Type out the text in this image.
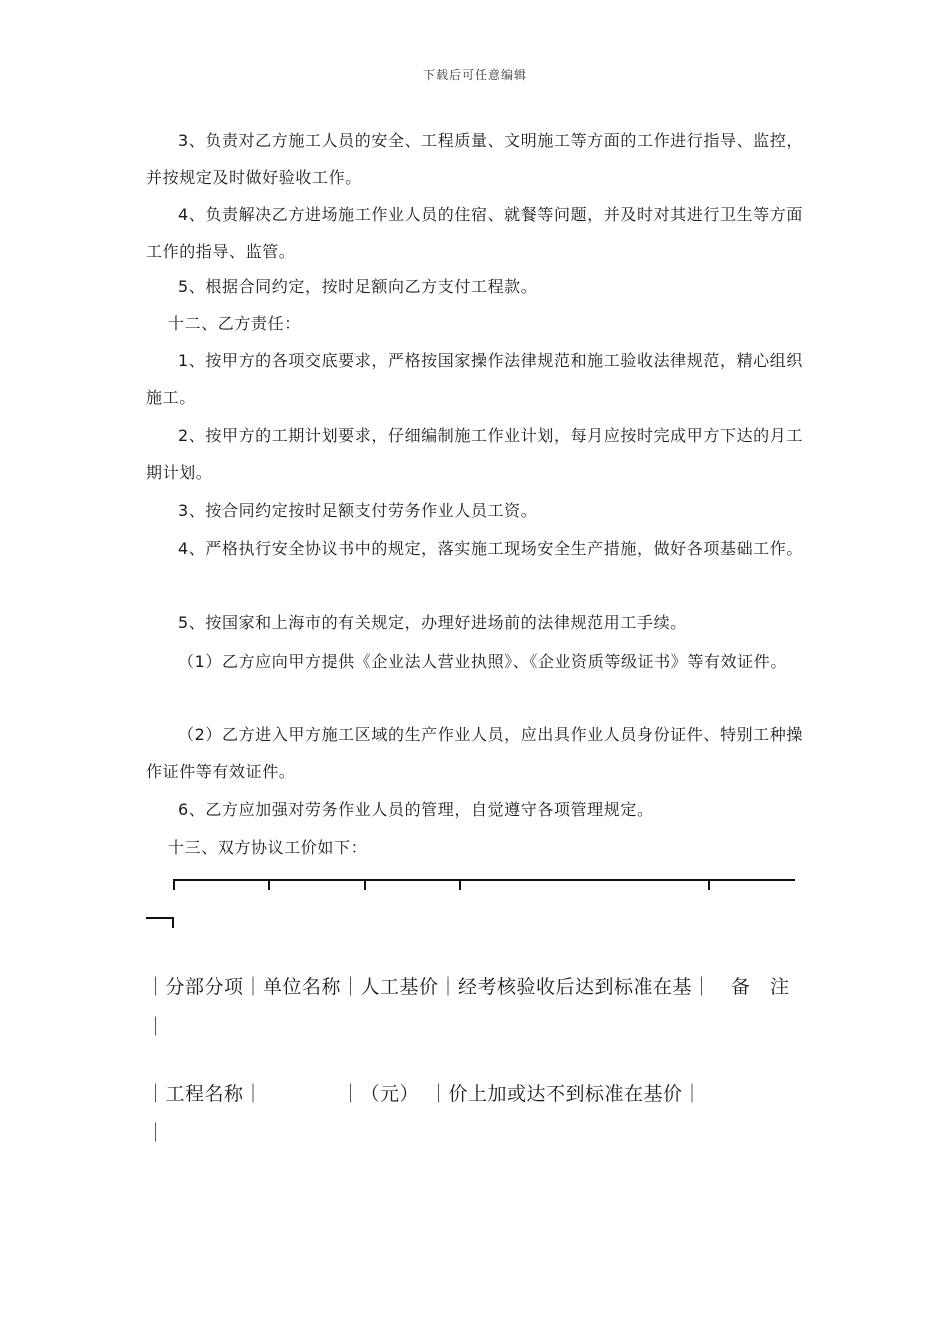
下载后可任意编辑

3、负责对乙方施工人员的安全、工程质量、文明施工等方面的工作进行指导、监控，并按规定及时做好验收工作。

4、负责解决乙方进场施工作业人员的住宿、就餐等问题，并及时对其进行卫生等方面工作的指导、监管。

5、根据合同约定，按时足额向乙方支付工程款。

十二、乙方责任：

1、按甲方的各项交底要求，严格按国家操作法律规范和施工验收法律规范，精心组织施工。

2、按甲方的工期计划要求，仔细编制施工作业计划，每月应按时完成甲方下达的月工期计划。

3、按合同约定按时足额支付劳务作业人员工资。

4、严格执行安全协议书中的规定，落实施工现场安全生产措施，做好各项基础工作。

5、按国家和上海市的有关规定，办理好进场前的法律规范用工手续。

（1）乙方应向甲方提供《企业法人营业执照》、《企业资质等级证书》等有效证件。

（2）乙方进入甲方施工区域的生产作业人员，应出具作业人员身份证件、特别工种操作证件等有效证件。

6、乙方应加强对劳务作业人员的管理，自觉遵守各项管理规定。

十三、双方协议工价如下：

｜分部分项｜单位名称｜人工基价｜经考核验收后达到标准在基｜　备　注
｜
｜工程名称｜　　　　｜（元）　｜价上加或达不到标准在基价｜
｜
